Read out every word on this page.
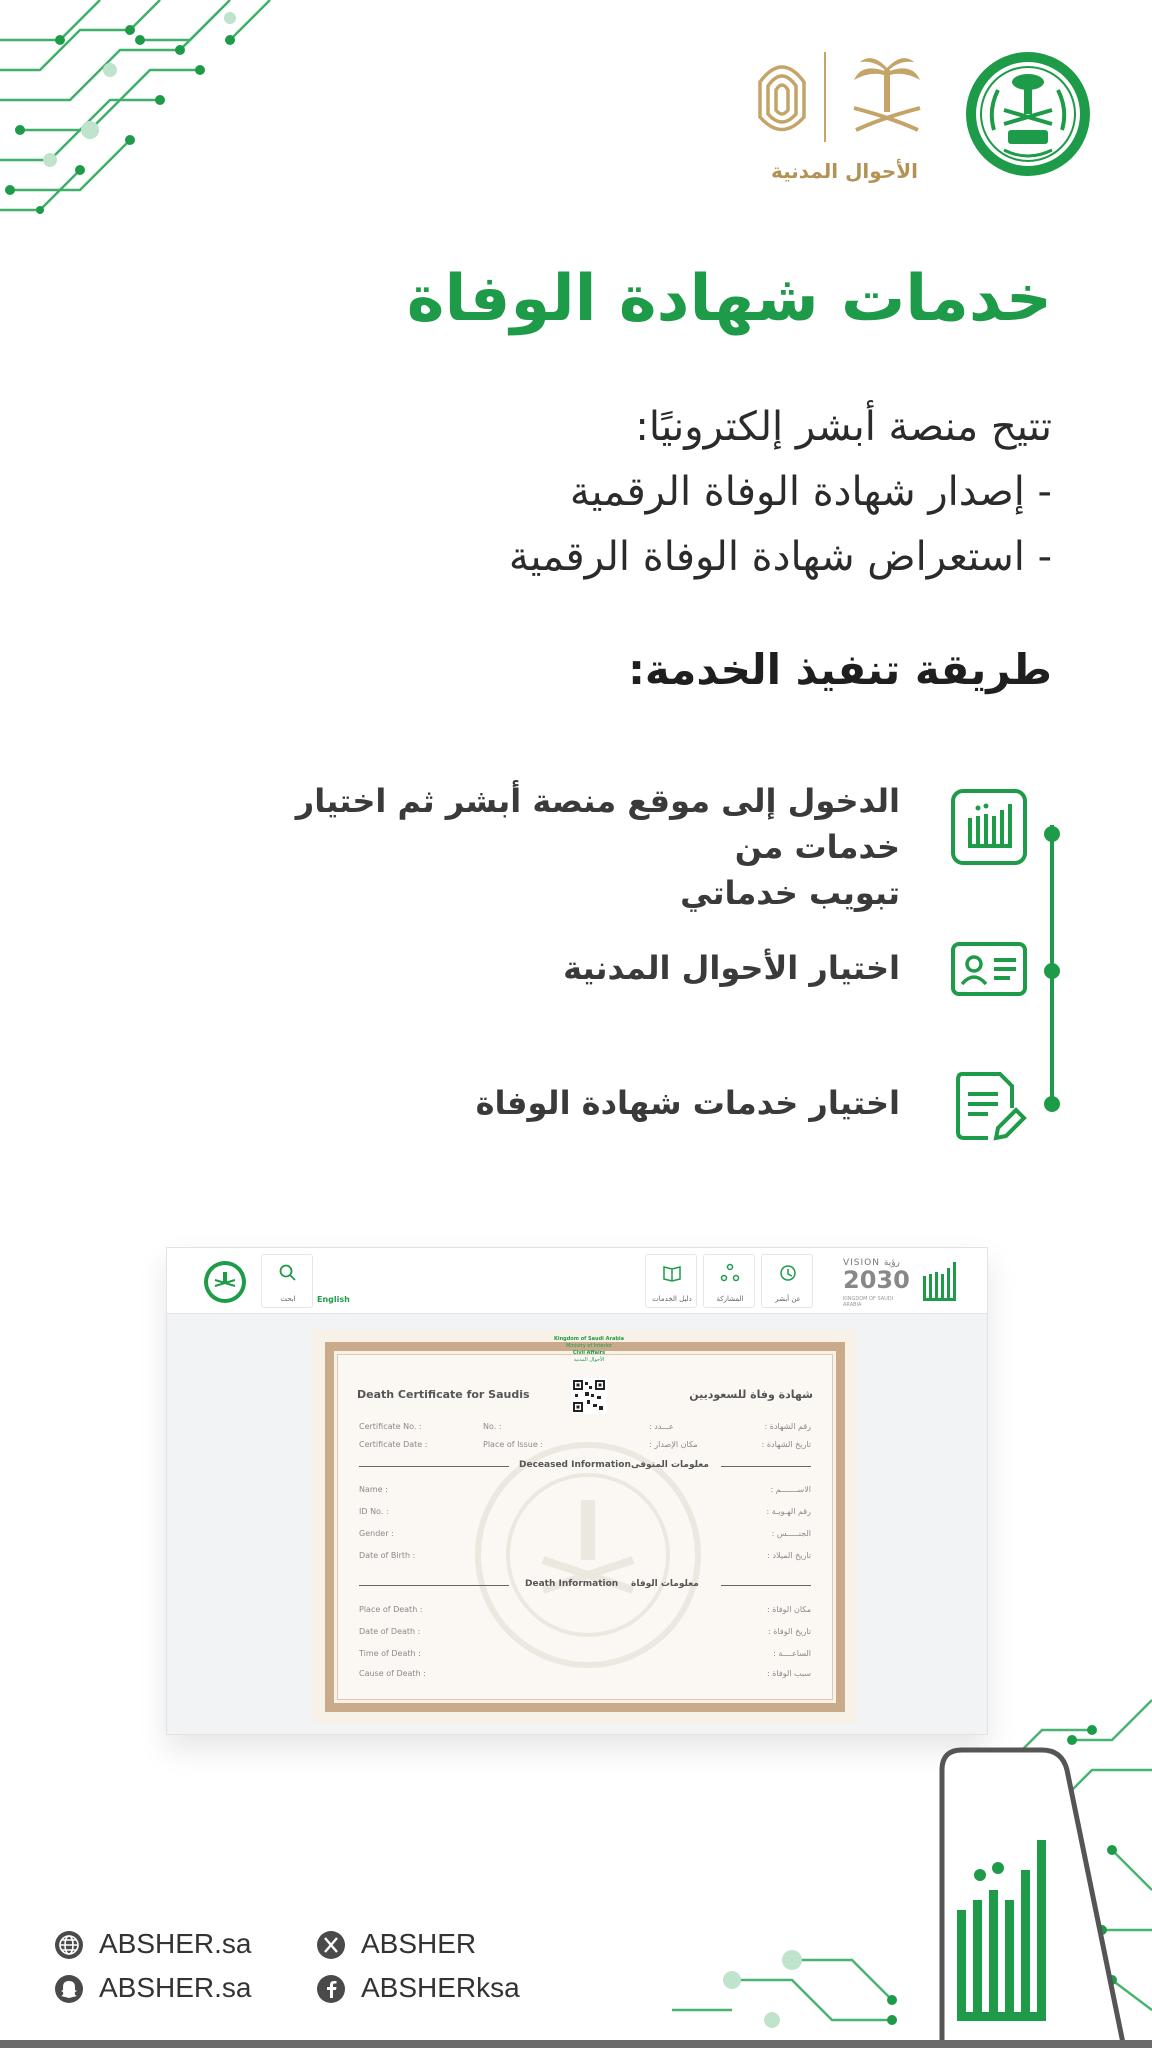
الأحوال المدنية
خدمات شهادة الوفاة
تتيح منصة أبشر إلكترونيًا:
- إصدار شهادة الوفاة الرقمية
- استعراض شهادة الوفاة الرقمية
طريقة تنفيذ الخدمة:
الدخول إلى موقع منصة أبشر ثم اختيار خدمات من
تبويب خدماتي
اختيار الأحوال المدنية
اختيار خدمات شهادة الوفاة
ابحث	English	دليل الخدمات	المشاركة	عن أبشر
VISION رؤية
2030
KINGDOM OF SAUDI ARABIA
Kingdom of Saudi Arabia
Ministry of Interior
Civil Affairs
الأحوال المدنية
Death Certificate for Saudis	شهادة وفاة للسعوديين
Certificate No. :	No. :	عـــدد :	رقم الشهادة :
Certificate Date :	Place of Issue :	مكان الإصدار :	تاريخ الشهادة :
Deceased Information معلومات المتوفى
Name :	الاســـــــم :
ID No. :	رقم الهـويـة :
Gender :	الجنـــــس :
Date of Birth :	تاريخ الميلاد :
Death Information معلومات الوفاة
Place of Death :	مكان الوفاة :
Date of Death :	تاريخ الوفاة :
Time of Death :	الساعــــة :
Cause of Death :	سبب الوفاة :
ABSHER.sa
ABSHER.sa
ABSHER
ABSHERksa
